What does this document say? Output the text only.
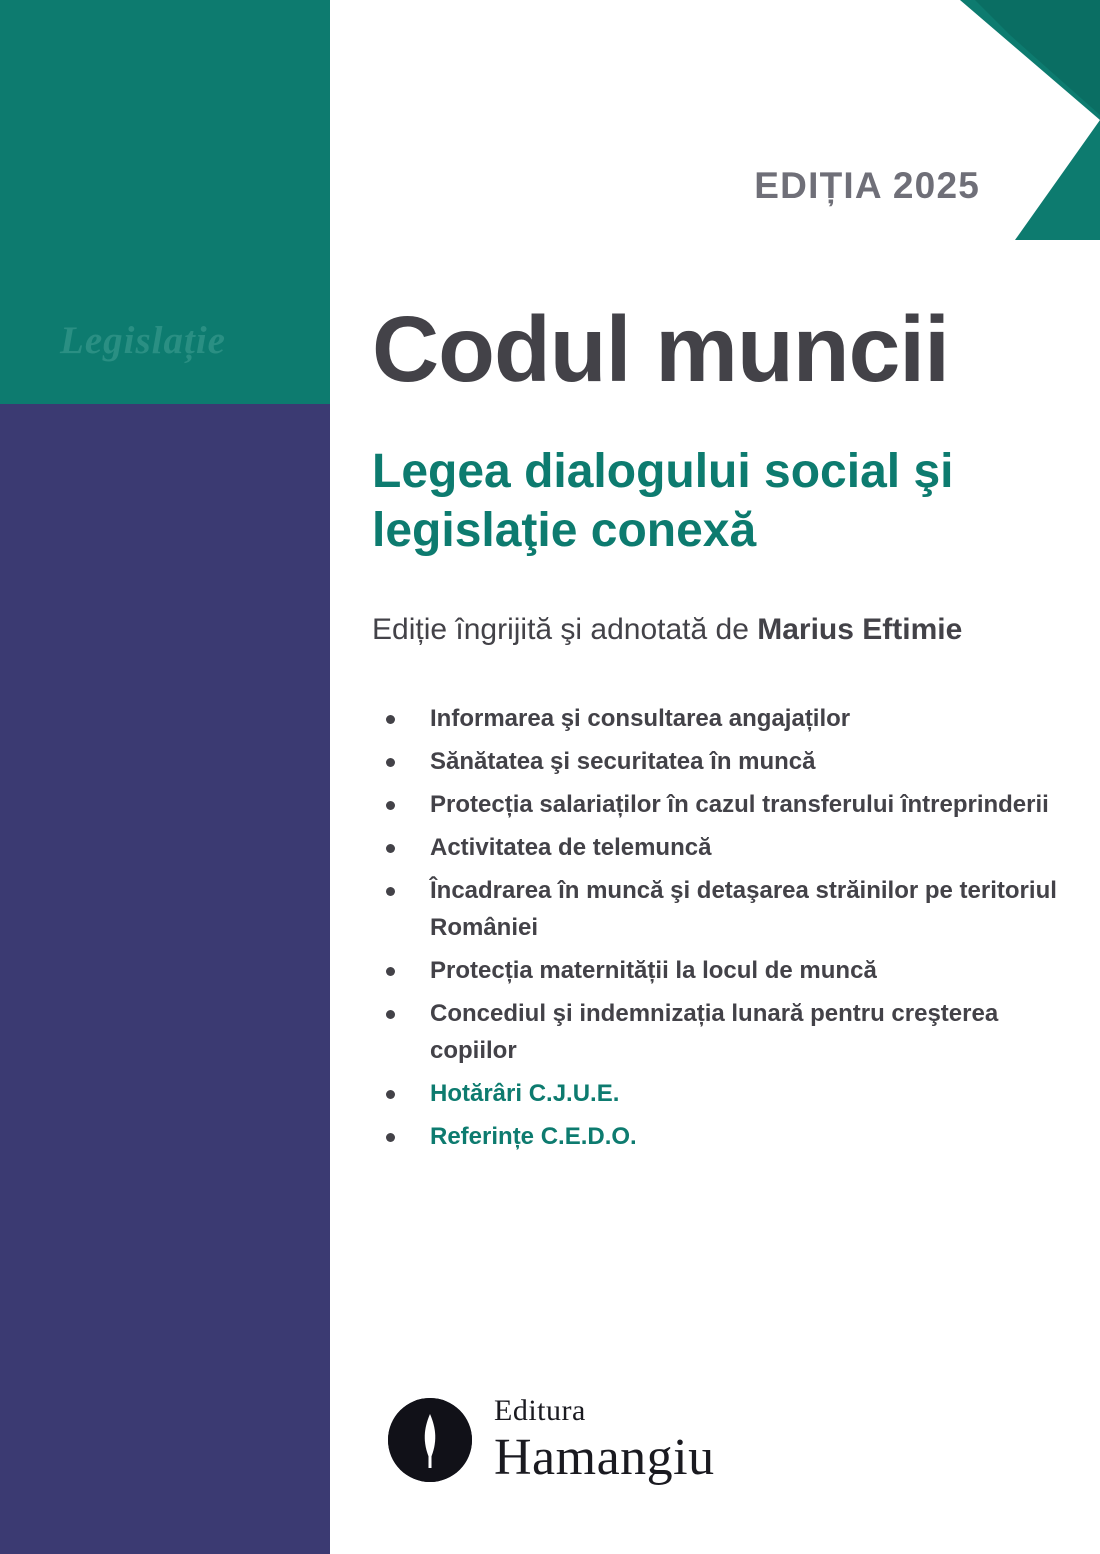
Legislație
EDIȚIA 2025
Codul muncii
Legea dialogului social şi legislaţie conexă
Ediție îngrijită şi adnotată de Marius Eftimie
Informarea şi consultarea angajaților
Sănătatea şi securitatea în muncă
Protecția salariaților în cazul transferului întreprinderii
Activitatea de telemuncă
Încadrarea în muncă şi detaşarea străinilor pe teritoriul României
Protecția maternității la locul de muncă
Concediul şi indemnizația lunară pentru creşterea copiilor
Hotărâri C.J.U.E.
Referințe C.E.D.O.
Editura
Hamangiu
